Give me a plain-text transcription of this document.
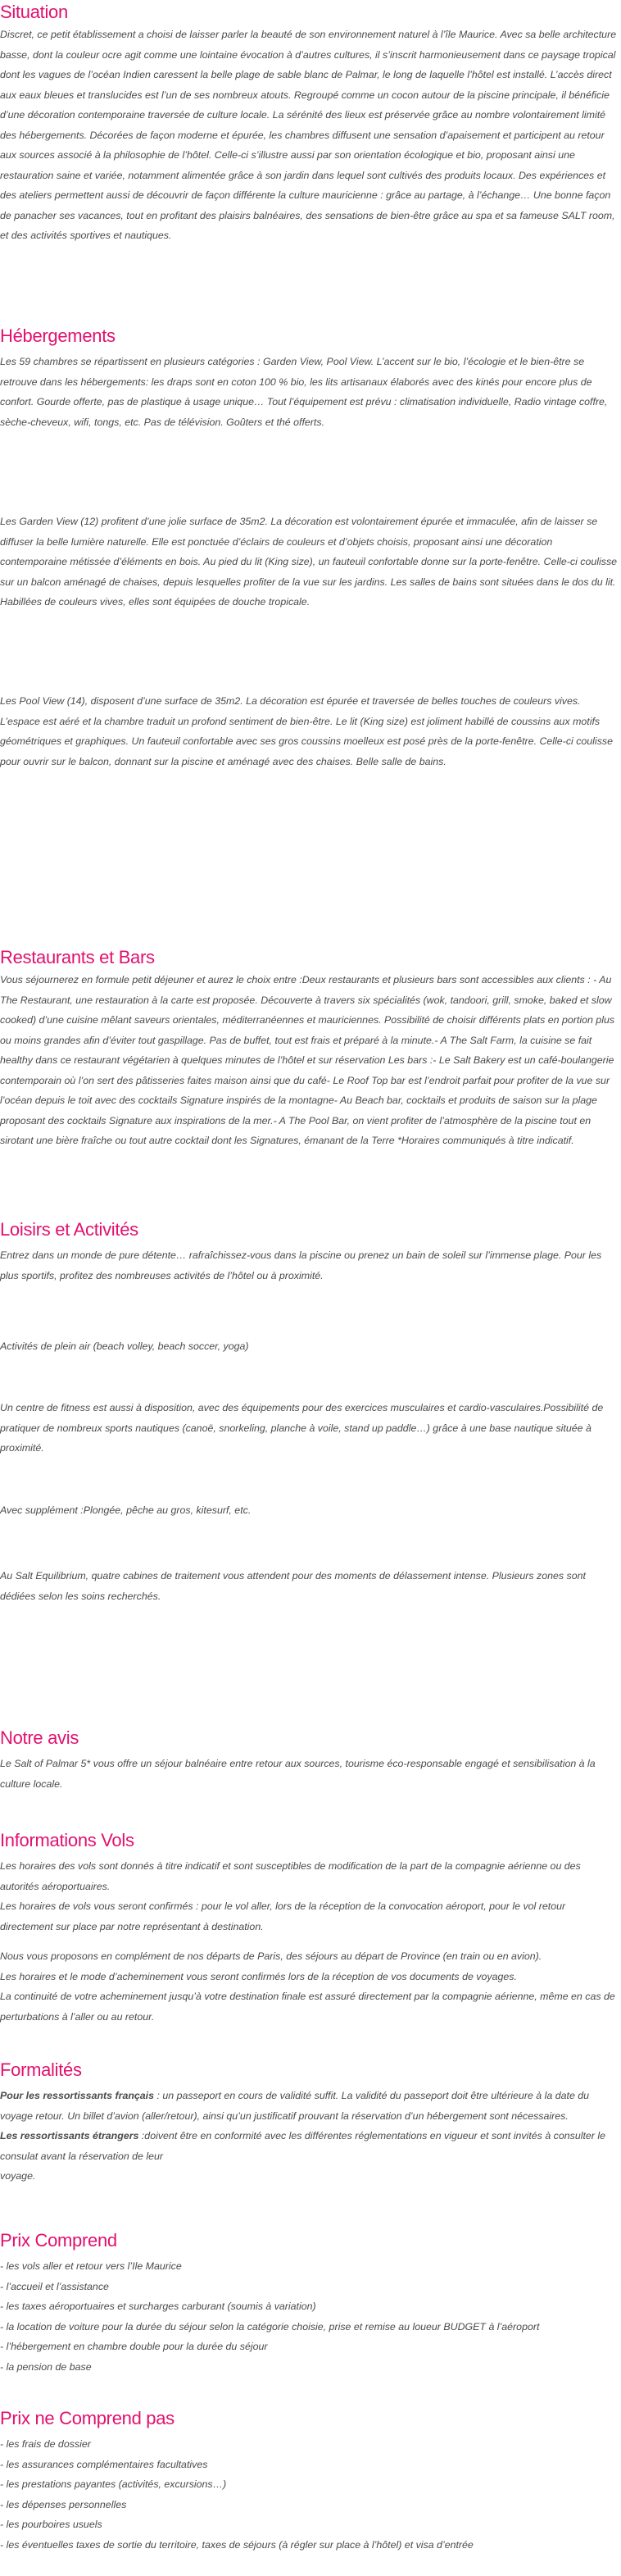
Situation

Discret, ce petit établissement a choisi de laisser parler la beauté de son environnement naturel à l’île Maurice. Avec sa belle architecture basse, dont la couleur ocre agit comme une lointaine évocation à d’autres cultures, il s’inscrit harmonieusement dans ce paysage tropical dont les vagues de l’océan Indien caressent la belle plage de sable blanc de Palmar, le long de laquelle l’hôtel est installé. L’accès direct aux eaux bleues et translucides est l’un de ses nombreux atouts. Regroupé comme un cocon autour de la piscine principale, il bénéficie d’une décoration contemporaine traversée de culture locale. La sérénité des lieux est préservée grâce au nombre volontairement limité des hébergements. Décorées de façon moderne et épurée, les chambres diffusent une sensation d’apaisement et participent au retour aux sources associé à la philosophie de l’hôtel. Celle-ci s’illustre aussi par son orientation écologique et bio, proposant ainsi une restauration saine et variée, notamment alimentée grâce à son jardin dans lequel sont cultivés des produits locaux. Des expériences et des ateliers permettent aussi de découvrir de façon différente la culture mauricienne : grâce au partage, à l’échange… Une bonne façon de panacher ses vacances, tout en profitant des plaisirs balnéaires, des sensations de bien-être grâce au spa et sa fameuse SALT room, et des activités sportives et nautiques.

Hébergements

Les 59 chambres se répartissent en plusieurs catégories : Garden View, Pool View. L’accent sur le bio, l’écologie et le bien-être se retrouve dans les hébergements: les draps sont en coton 100 % bio, les lits artisanaux élaborés avec des kinés pour encore plus de confort. Gourde offerte, pas de plastique à usage unique… Tout l’équipement est prévu : climatisation individuelle, Radio vintage coffre, sèche-cheveux, wifi, tongs, etc. Pas de télévision. Goûters et thé offerts.

Les Garden View (12) profitent d’une jolie surface de 35m2. La décoration est volontairement épurée et immaculée, afin de laisser se diffuser la belle lumière naturelle. Elle est ponctuée d’éclairs de couleurs et d’objets choisis, proposant ainsi une décoration contemporaine métissée d’éléments en bois. Au pied du lit (King size), un fauteuil confortable donne sur la porte-fenêtre. Celle-ci coulisse sur un balcon aménagé de chaises, depuis lesquelles profiter de la vue sur les jardins. Les salles de bains sont situées dans le dos du lit. Habillées de couleurs vives, elles sont équipées de douche tropicale.

Les Pool View (14), disposent d’une surface de 35m2. La décoration est épurée et traversée de belles touches de couleurs vives. L’espace est aéré et la chambre traduit un profond sentiment de bien-être. Le lit (King size) est joliment habillé de coussins aux motifs géométriques et graphiques. Un fauteuil confortable avec ses gros coussins moelleux est posé près de la porte-fenêtre. Celle-ci coulisse pour ouvrir sur le balcon, donnant sur la piscine et aménagé avec des chaises. Belle salle de bains.

Restaurants et Bars

Vous séjournerez en formule petit déjeuner et aurez le choix entre :Deux restaurants et plusieurs bars sont accessibles aux clients : - Au The Restaurant, une restauration à la carte est proposée. Découverte à travers six spécialités (wok, tandoori, grill, smoke, baked et slow cooked) d’une cuisine mêlant saveurs orientales, méditerranéennes et mauriciennes. Possibilité de choisir différents plats en portion plus ou moins grandes afin d’éviter tout gaspillage. Pas de buffet, tout est frais et préparé à la minute.- A The Salt Farm, la cuisine se fait healthy dans ce restaurant végétarien à quelques minutes de l’hôtel et sur réservation Les bars :- Le Salt Bakery est un café-boulangerie contemporain où l’on sert des pâtisseries faites maison ainsi que du café- Le Roof Top bar est l’endroit parfait pour profiter de la vue sur l’océan depuis le toit avec des cocktails Signature inspirés de la montagne- Au Beach bar, cocktails et produits de saison sur la plage proposant des cocktails Signature aux inspirations de la mer.- A The Pool Bar, on vient profiter de l’atmosphère de la piscine tout en sirotant une bière fraîche ou tout autre cocktail dont les Signatures, émanant de la Terre *Horaires communiqués à titre indicatif.

Loisirs et Activités

Entrez dans un monde de pure détente… rafraîchissez-vous dans la piscine ou prenez un bain de soleil sur l’immense plage. Pour les plus sportifs, profitez des nombreuses activités de l’hôtel ou à proximité.

Activités de plein air (beach volley, beach soccer, yoga)

Un centre de fitness est aussi à disposition, avec des équipements pour des exercices musculaires et cardio-vasculaires.Possibilité de pratiquer de nombreux sports nautiques (canoë, snorkeling, planche à voile, stand up paddle…) grâce à une base nautique située à proximité.

Avec supplément :Plongée, pêche au gros, kitesurf, etc.

Au Salt Equilibrium, quatre cabines de traitement vous attendent pour des moments de délassement intense. Plusieurs zones sont dédiées selon les soins recherchés.

Notre avis

Le Salt of Palmar 5* vous offre un séjour balnéaire entre retour aux sources, tourisme éco-responsable engagé et sensibilisation à la culture locale.

Informations Vols

Les horaires des vols sont donnés à titre indicatif et sont susceptibles de modification de la part de la compagnie aérienne ou des autorités aéroportuaires.

Les horaires de vols vous seront confirmés : pour le vol aller, lors de la réception de la convocation aéroport, pour le vol retour directement sur place par notre représentant à destination.

Nous vous proposons en complément de nos départs de Paris, des séjours au départ de Province (en train ou en avion).

Les horaires et le mode d’acheminement vous seront confirmés lors de la réception de vos documents de voyages.

La continuité de votre acheminement jusqu’à votre destination finale est assuré directement par la compagnie aérienne, même en cas de perturbations à l’aller ou au retour.

Formalités

Pour les ressortissants français : un passeport en cours de validité suffit. La validité du passeport doit être ultérieure à la date du voyage retour. Un billet d’avion (aller/retour), ainsi qu’un justificatif prouvant la réservation d’un hébergement sont nécessaires.

Les ressortissants étrangers :doivent être en conformité avec les différentes réglementations en vigueur et sont invités à consulter le consulat avant la réservation de leur

voyage.

Prix Comprend
- les vols aller et retour vers l’Ile Maurice
- l’accueil et l’assistance
- les taxes aéroportuaires et surcharges carburant (soumis à variation)
- la location de voiture pour la durée du séjour selon la catégorie choisie, prise et remise au loueur BUDGET à l’aéroport
- l’hébergement en chambre double pour la durée du séjour
- la pension de base
Prix ne Comprend pas
- les frais de dossier
- les assurances complémentaires facultatives
- les prestations payantes (activités, excursions…)
- les dépenses personnelles
- les pourboires usuels
- les éventuelles taxes de sortie du territoire, taxes de séjours (à régler sur place à l’hôtel) et visa d’entrée
